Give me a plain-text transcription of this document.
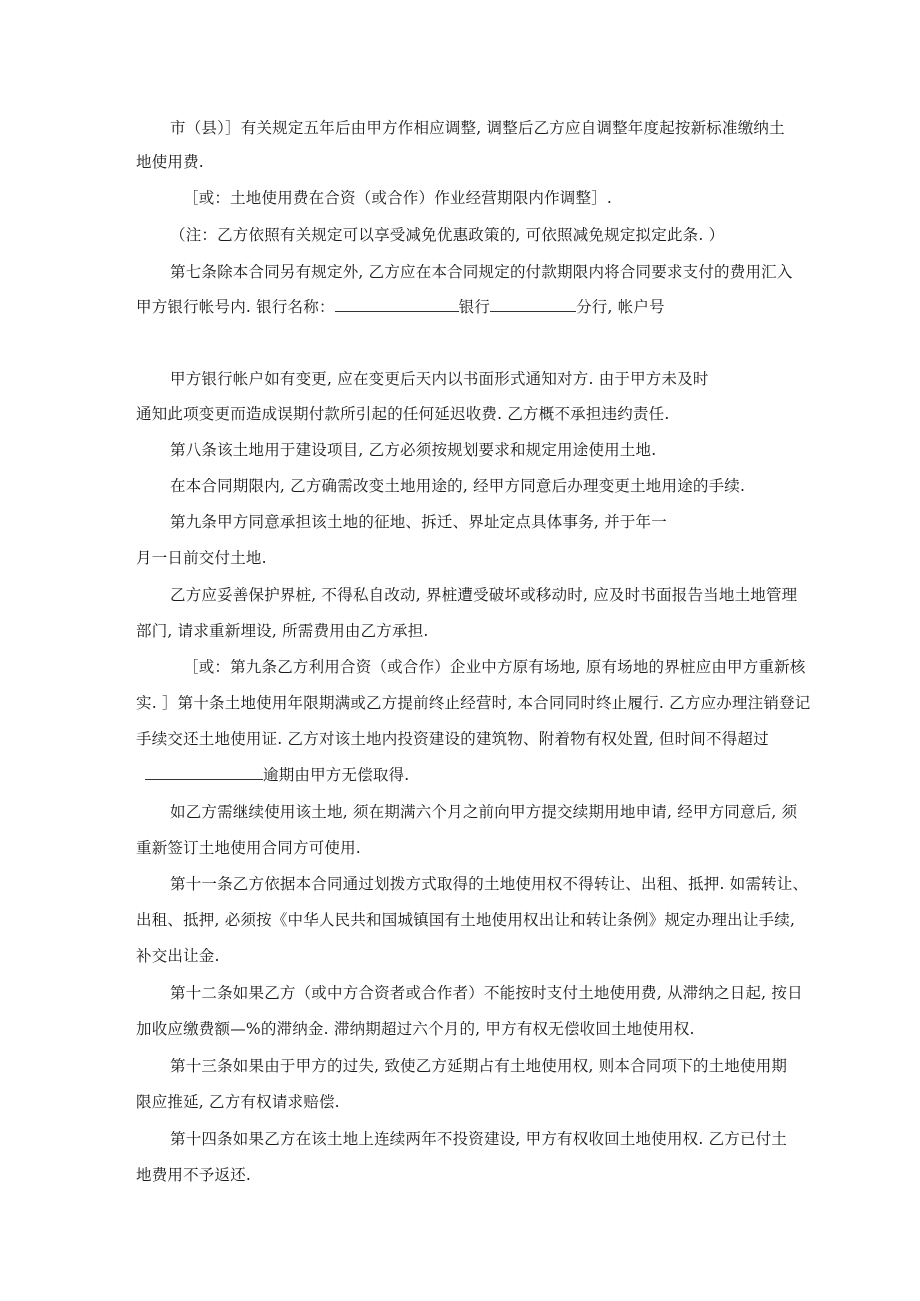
市（县）］有关规定五年后由甲方作相应调整, 调整后乙方应自调整年度起按新标准缴纳土
地使用费.
［或：土地使用费在合资（或合作）作业经营期限内作调整］.
（注：乙方依照有关规定可以享受减免优惠政策的, 可依照减免规定拟定此条. ）
第七条除本合同另有规定外, 乙方应在本合同规定的付款期限内将合同要求支付的费用汇入
甲方银行帐号内. 银行名称：	银行	分行, 帐户号
甲方银行帐户如有变更, 应在变更后天内以书面形式通知对方. 由于甲方未及时
通知此项变更而造成误期付款所引起的任何延迟收费. 乙方概不承担违约责任.
第八条该土地用于建设项目, 乙方必须按规划要求和规定用途使用土地.
在本合同期限内, 乙方确需改变土地用途的, 经甲方同意后办理变更土地用途的手续.
第九条甲方同意承担该土地的征地、拆迁、界址定点具体事务, 并于年一
月一日前交付土地.
乙方应妥善保护界桩, 不得私自改动, 界桩遭受破坏或移动时, 应及时书面报告当地土地管理
部门, 请求重新埋设, 所需费用由乙方承担.
［或：第九条乙方利用合资（或合作）企业中方原有场地, 原有场地的界桩应由甲方重新核
实. ］第十条土地使用年限期满或乙方提前终止经营时, 本合同同时终止履行. 乙方应办理注销登记
手续交还土地使用证. 乙方对该土地内投资建设的建筑物、附着物有权处置, 但时间不得超过
逾期由甲方无偿取得.
如乙方需继续使用该土地, 须在期满六个月之前向甲方提交续期用地申请, 经甲方同意后, 须
重新签订土地使用合同方可使用.
第十一条乙方依据本合同通过划拨方式取得的土地使用权不得转让、出租、抵押. 如需转让、
出租、抵押, 必须按《中华人民共和国城镇国有土地使用权出让和转让条例》规定办理出让手续,
补交出让金.
第十二条如果乙方（或中方合资者或合作者）不能按时支付土地使用费, 从滞纳之日起, 按日
加收应缴费额—%的滞纳金. 滞纳期超过六个月的, 甲方有权无偿收回土地使用权.
第十三条如果由于甲方的过失, 致使乙方延期占有土地使用权, 则本合同项下的土地使用期
限应推延, 乙方有权请求赔偿.
第十四条如果乙方在该土地上连续两年不投资建设, 甲方有权收回土地使用权. 乙方已付土
地费用不予返还.
